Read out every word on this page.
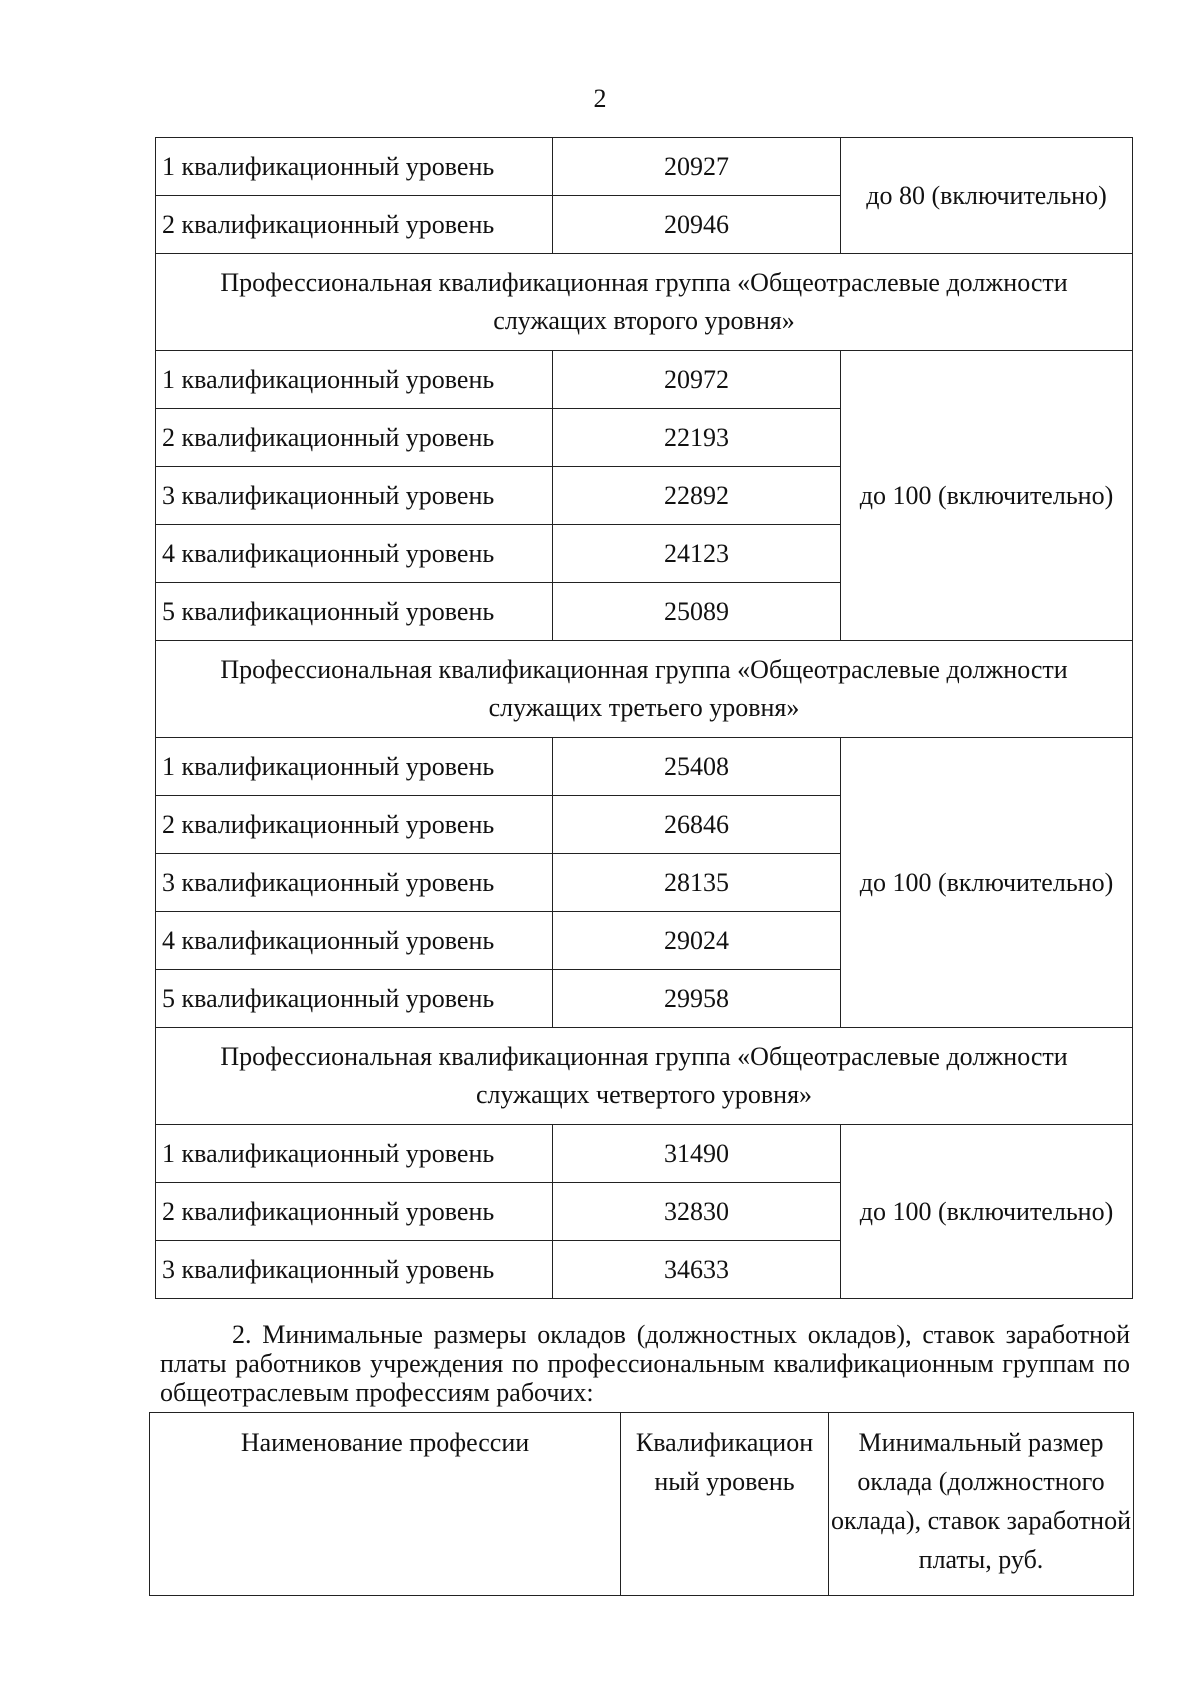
2
1 квалификационный уровень	20927	до 80 (включительно)
2 квалификационный уровень	20946	
Профессиональная квалификационная группа «Общеотраслевые должности служащих второго уровня»		
1 квалификационный уровень	20972	до 100 (включительно)
2 квалификационный уровень	22193	
3 квалификационный уровень	22892	
4 квалификационный уровень	24123	
5 квалификационный уровень	25089	
Профессиональная квалификационная группа «Общеотраслевые должности служащих третьего уровня»		
1 квалификационный уровень	25408	до 100 (включительно)
2 квалификационный уровень	26846	
3 квалификационный уровень	28135	
4 квалификационный уровень	29024	
5 квалификационный уровень	29958	
Профессиональная квалификационная группа «Общеотраслевые должности служащих четвертого уровня»		
1 квалификационный уровень	31490	до 100 (включительно)
2 квалификационный уровень	32830	
3 квалификационный уровень	34633	
2. Минимальные размеры окладов (должностных окладов), ставок заработной платы работников учреждения по профессиональным квалификационным группам по общеотраслевым профессиям рабочих:
Наименование профессии	Квалификацион ный уровень	Минимальный размер оклада (должностного оклада), ставок заработной платы, руб.
